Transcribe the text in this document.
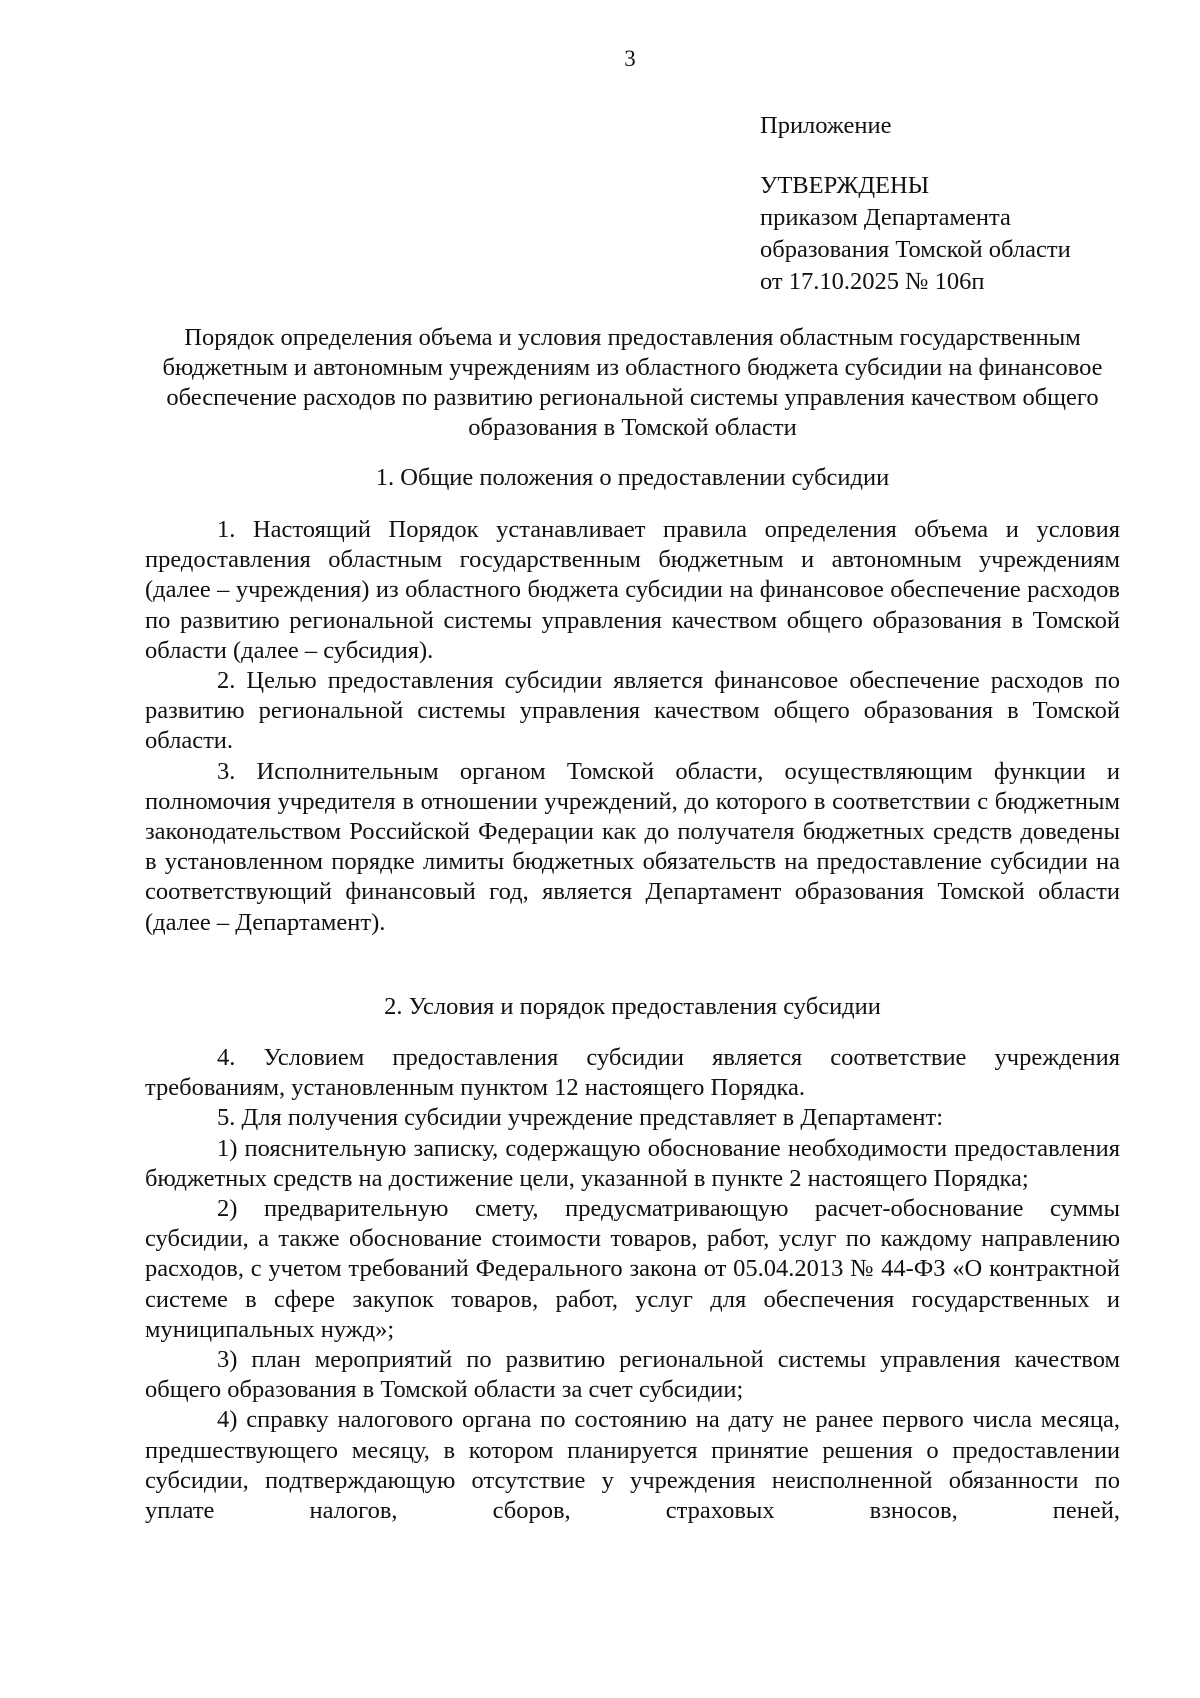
3
Приложение
УТВЕРЖДЕНЫ
приказом Департамента
образования Томской области
от 17.10.2025 № 106п
Порядок определения объема и условия предоставления областным государственным бюджетным и автономным учреждениям из областного бюджета субсидии на финансовое обеспечение расходов по развитию региональной системы управления качеством общего образования в Томской области
1. Общие положения о предоставлении субсидии

1. Настоящий Порядок устанавливает правила определения объема и условия предоставления областным государственным бюджетным и автономным учреждениям (далее – учреждения) из областного бюджета субсидии на финансовое обеспечение расходов по развитию региональной системы управления качеством общего образования в Томской области (далее – субсидия).

2. Целью предоставления субсидии является финансовое обеспечение расходов по развитию региональной системы управления качеством общего образования в Томской области.

3. Исполнительным органом Томской области, осуществляющим функции и полномочия учредителя в отношении учреждений, до которого в соответствии с бюджетным законодательством Российской Федерации как до получателя бюджетных средств доведены в установленном порядке лимиты бюджетных обязательств на предоставление субсидии на соответствующий финансовый год, является Департамент образования Томской области (далее – Департамент).

2. Условия и порядок предоставления субсидии

4. Условием предоставления субсидии является соответствие учреждения требованиям, установленным пунктом 12 настоящего Порядка.

5. Для получения субсидии учреждение представляет в Департамент:

1) пояснительную записку, содержащую обоснование необходимости предоставления бюджетных средств на достижение цели, указанной в пункте 2 настоящего Порядка;

2) предварительную смету, предусматривающую расчет-обоснование суммы субсидии, а также обоснование стоимости товаров, работ, услуг по каждому направлению расходов, с учетом требований Федерального закона от 05.04.2013 № 44-ФЗ «О контрактной системе в сфере закупок товаров, работ, услуг для обеспечения государственных и муниципальных нужд»;

3) план мероприятий по развитию региональной системы управления качеством общего образования в Томской области за счет субсидии;

4) справку налогового органа по состоянию на дату не ранее первого числа месяца, предшествующего месяцу, в котором планируется принятие решения о предоставлении субсидии, подтверждающую отсутствие у учреждения неисполненной обязанности по уплате налогов, сборов, страховых взносов, пеней,
